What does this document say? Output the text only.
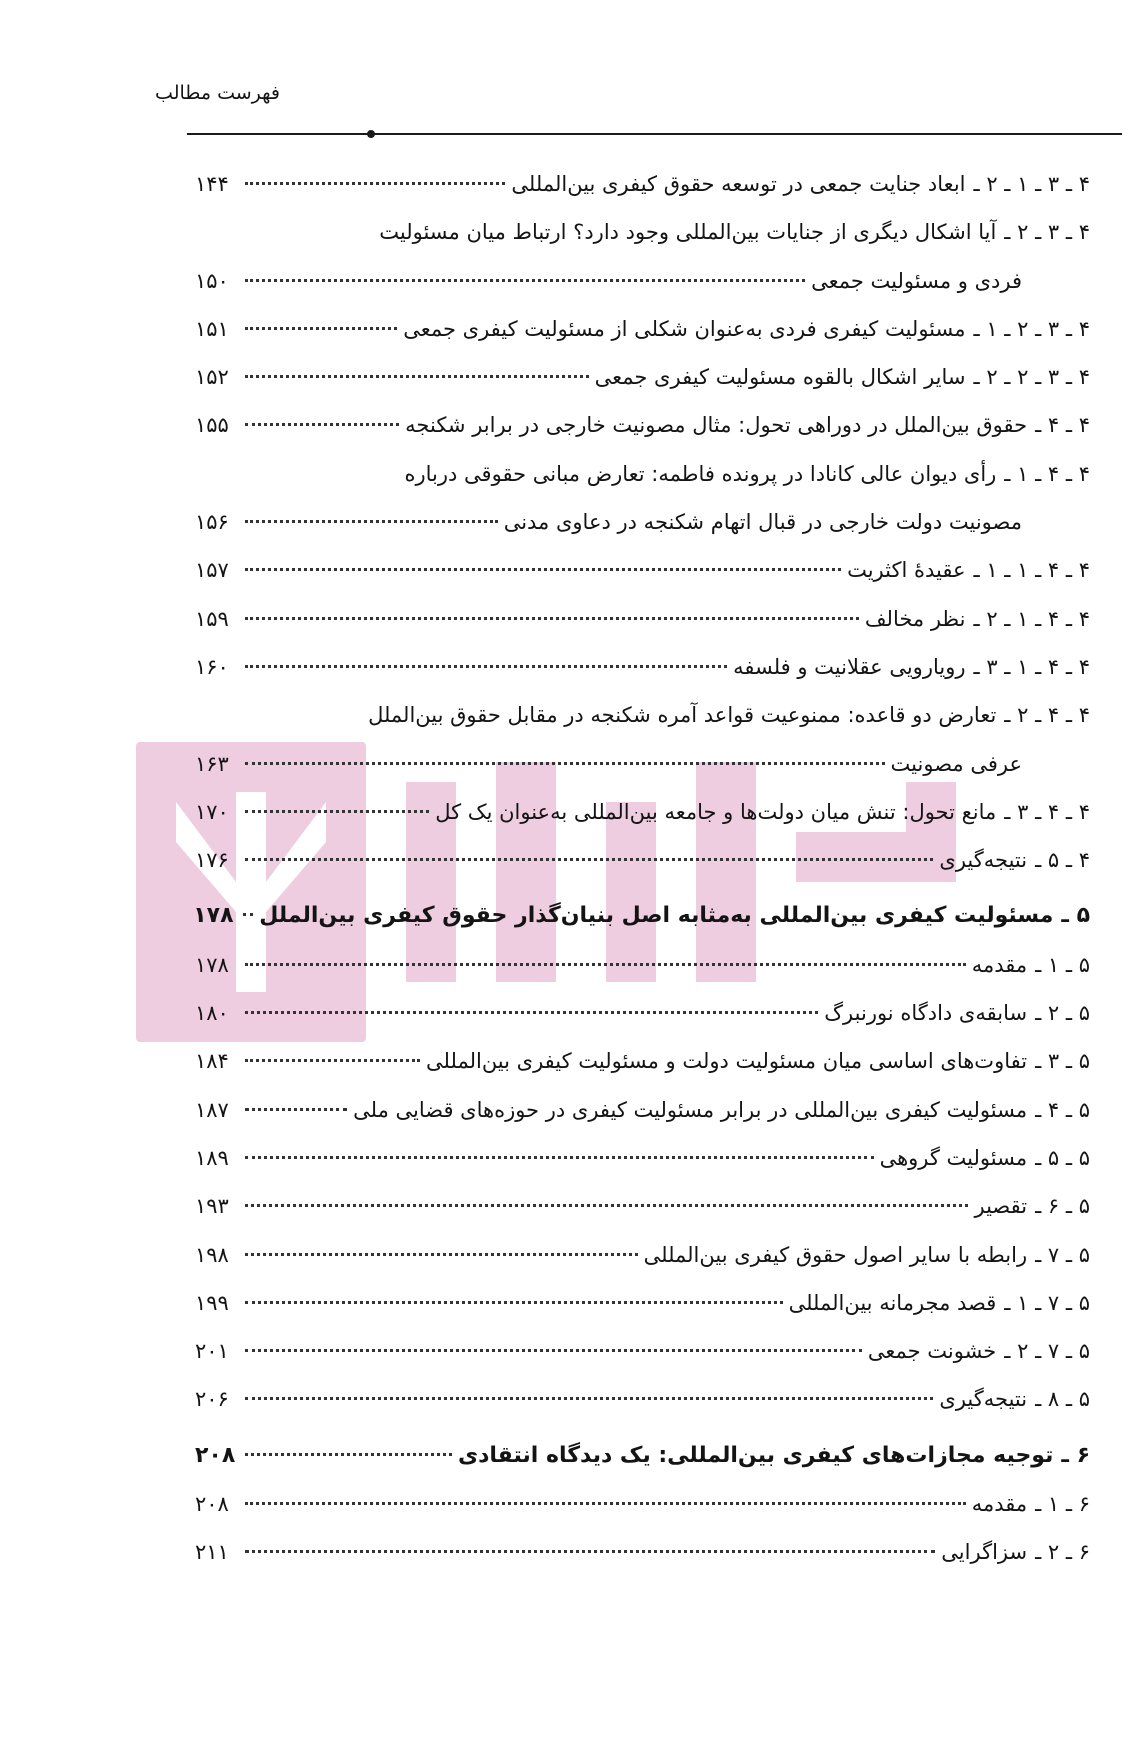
فهرست مطالب
۴ ـ ۳ ـ ۱ ـ ۲ ـ
ابعاد جنایت جمعی در توسعه حقوق کیفری بین‌المللی
۱۴۴
۴ ـ ۳ ـ ۲ ـ
آیا اشکال دیگری از جنایات بین‌المللی وجود دارد؟ ارتباط میان مسئولیت
فردی و مسئولیت جمعی
۱۵۰
۴ ـ ۳ ـ ۲ ـ ۱ ـ
مسئولیت کیفری فردی به‌عنوان شکلی از مسئولیت کیفری جمعی
۱۵۱
۴ ـ ۳ ـ ۲ ـ ۲ ـ
سایر اشکال بالقوه مسئولیت کیفری جمعی
۱۵۲
۴ ـ ۴ ـ
حقوق بین‌الملل در دوراهی تحول: مثال مصونیت خارجی در برابر شکنجه
۱۵۵
۴ ـ ۴ ـ ۱ ـ
رأی دیوان عالی کانادا در پرونده فاطمه: تعارض مبانی حقوقی درباره
مصونیت دولت خارجی در قبال اتهام شکنجه در دعاوی مدنی
۱۵۶
۴ ـ ۴ ـ ۱ ـ ۱ ـ
عقیدهٔ اکثریت
۱۵۷
۴ ـ ۴ ـ ۱ ـ ۲ ـ
نظر مخالف
۱۵۹
۴ ـ ۴ ـ ۱ ـ ۳ ـ
رویارویی عقلانیت و فلسفه
۱۶۰
۴ ـ ۴ ـ ۲ ـ
تعارض دو قاعده: ممنوعیت قواعد آمره شکنجه در مقابل حقوق بین‌الملل
عرفی مصونیت
۱۶۳
۴ ـ ۴ ـ ۳ ـ
مانع تحول: تنش میان دولت‌ها و جامعه بین‌المللی به‌عنوان یک کل
۱۷۰
۴ ـ ۵ ـ
نتیجه‌گیری
۱۷۶
۵ ـ
مسئولیت کیفری بین‌المللی به‌مثابه اصل بنیان‌گذار حقوق کیفری بین‌الملل
۱۷۸
۵ ـ ۱ ـ
مقدمه
۱۷۸
۵ ـ ۲ ـ
سابقه‌ی دادگاه نورنبرگ
۱۸۰
۵ ـ ۳ ـ
تفاوت‌های اساسی میان مسئولیت دولت و مسئولیت کیفری بین‌المللی
۱۸۴
۵ ـ ۴ ـ
مسئولیت کیفری بین‌المللی در برابر مسئولیت کیفری در حوزه‌های قضایی ملی
۱۸۷
۵ ـ ۵ ـ
مسئولیت گروهی
۱۸۹
۵ ـ ۶ ـ
تقصیر
۱۹۳
۵ ـ ۷ ـ
رابطه با سایر اصول حقوق کیفری بین‌المللی
۱۹۸
۵ ـ ۷ ـ ۱ ـ
قصد مجرمانه بین‌المللی
۱۹۹
۵ ـ ۷ ـ ۲ ـ
خشونت جمعی
۲۰۱
۵ ـ ۸ ـ
نتیجه‌گیری
۲۰۶
۶ ـ
توجیه مجازات‌های کیفری بین‌المللی: یک دیدگاه انتقادی
۲۰۸
۶ ـ ۱ ـ
مقدمه
۲۰۸
۶ ـ ۲ ـ
سزاگرایی
۲۱۱
